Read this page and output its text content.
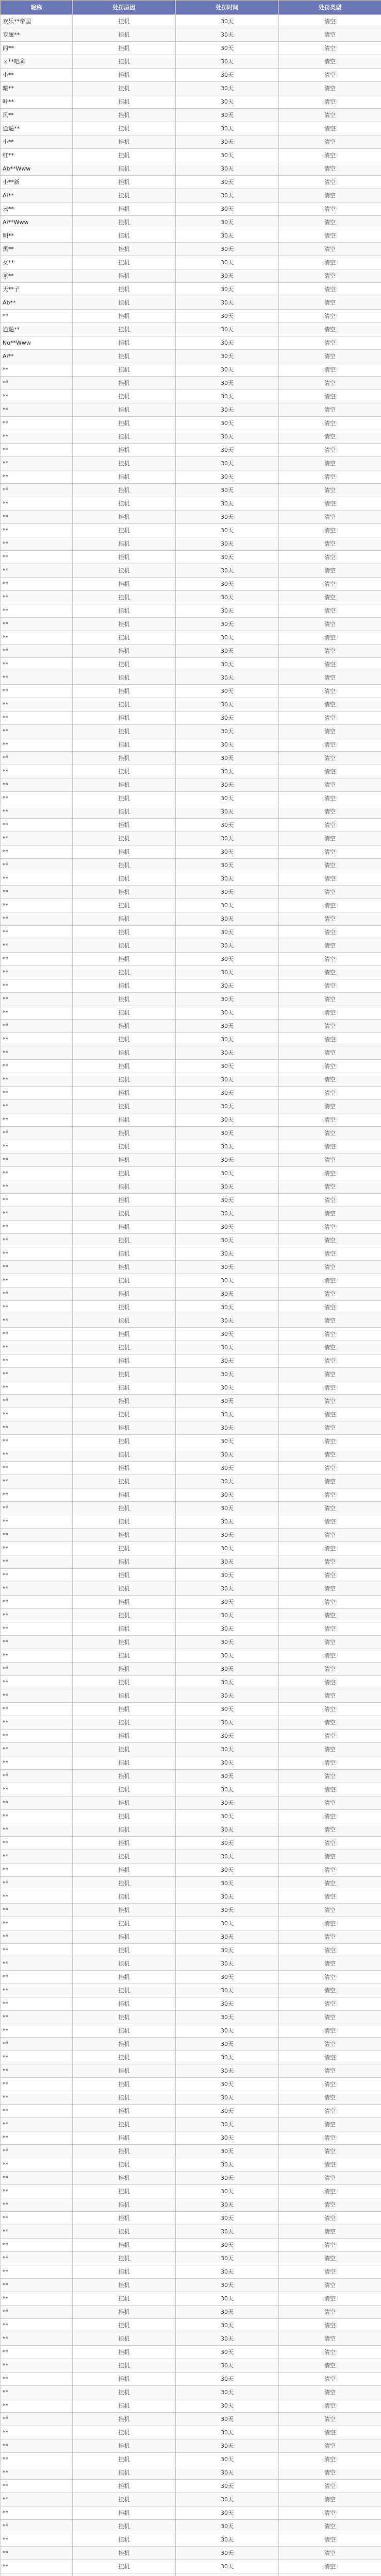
昵称	处罚原因	处罚时间	处罚类型
欢乐**帝国	挂机	30天	清空
专属**	挂机	30天	清空
的**	挂机	30天	清空
ㄨ**吧㊣	挂机	30天	清空
小**	挂机	30天	清空
暗**	挂机	30天	清空
叶**	挂机	30天	清空
风**	挂机	30天	清空
逍遥**	挂机	30天	清空
小**	挂机	30天	清空
红**	挂机	30天	清空
Ab**Www	挂机	30天	清空
小**新	挂机	30天	清空
Ai**	挂机	30天	清空
云**	挂机	30天	清空
Ai**Www	挂机	30天	清空
明**	挂机	30天	清空
黑**	挂机	30天	清空
女**	挂机	30天	清空
㊣**	挂机	30天	清空
天**子	挂机	30天	清空
Ab**	挂机	30天	清空
**	挂机	30天	清空
逍遥**	挂机	30天	清空
No**Www	挂机	30天	清空
Ai**	挂机	30天	清空
**	挂机	30天	清空
**	挂机	30天	清空
**	挂机	30天	清空
**	挂机	30天	清空
**	挂机	30天	清空
**	挂机	30天	清空
**	挂机	30天	清空
**	挂机	30天	清空
**	挂机	30天	清空
**	挂机	30天	清空
**	挂机	30天	清空
**	挂机	30天	清空
**	挂机	30天	清空
**	挂机	30天	清空
**	挂机	30天	清空
**	挂机	30天	清空
**	挂机	30天	清空
**	挂机	30天	清空
**	挂机	30天	清空
**	挂机	30天	清空
**	挂机	30天	清空
**	挂机	30天	清空
**	挂机	30天	清空
**	挂机	30天	清空
**	挂机	30天	清空
**	挂机	30天	清空
**	挂机	30天	清空
**	挂机	30天	清空
**	挂机	30天	清空
**	挂机	30天	清空
**	挂机	30天	清空
**	挂机	30天	清空
**	挂机	30天	清空
**	挂机	30天	清空
**	挂机	30天	清空
**	挂机	30天	清空
**	挂机	30天	清空
**	挂机	30天	清空
**	挂机	30天	清空
**	挂机	30天	清空
**	挂机	30天	清空
**	挂机	30天	清空
**	挂机	30天	清空
**	挂机	30天	清空
**	挂机	30天	清空
**	挂机	30天	清空
**	挂机	30天	清空
**	挂机	30天	清空
**	挂机	30天	清空
**	挂机	30天	清空
**	挂机	30天	清空
**	挂机	30天	清空
**	挂机	30天	清空
**	挂机	30天	清空
**	挂机	30天	清空
**	挂机	30天	清空
**	挂机	30天	清空
**	挂机	30天	清空
**	挂机	30天	清空
**	挂机	30天	清空
**	挂机	30天	清空
**	挂机	30天	清空
**	挂机	30天	清空
**	挂机	30天	清空
**	挂机	30天	清空
**	挂机	30天	清空
**	挂机	30天	清空
**	挂机	30天	清空
**	挂机	30天	清空
**	挂机	30天	清空
**	挂机	30天	清空
**	挂机	30天	清空
**	挂机	30天	清空
**	挂机	30天	清空
**	挂机	30天	清空
**	挂机	30天	清空
**	挂机	30天	清空
**	挂机	30天	清空
**	挂机	30天	清空
**	挂机	30天	清空
**	挂机	30天	清空
**	挂机	30天	清空
**	挂机	30天	清空
**	挂机	30天	清空
**	挂机	30天	清空
**	挂机	30天	清空
**	挂机	30天	清空
**	挂机	30天	清空
**	挂机	30天	清空
**	挂机	30天	清空
**	挂机	30天	清空
**	挂机	30天	清空
**	挂机	30天	清空
**	挂机	30天	清空
**	挂机	30天	清空
**	挂机	30天	清空
**	挂机	30天	清空
**	挂机	30天	清空
**	挂机	30天	清空
**	挂机	30天	清空
**	挂机	30天	清空
**	挂机	30天	清空
**	挂机	30天	清空
**	挂机	30天	清空
**	挂机	30天	清空
**	挂机	30天	清空
**	挂机	30天	清空
**	挂机	30天	清空
**	挂机	30天	清空
**	挂机	30天	清空
**	挂机	30天	清空
**	挂机	30天	清空
**	挂机	30天	清空
**	挂机	30天	清空
**	挂机	30天	清空
**	挂机	30天	清空
**	挂机	30天	清空
**	挂机	30天	清空
**	挂机	30天	清空
**	挂机	30天	清空
**	挂机	30天	清空
**	挂机	30天	清空
**	挂机	30天	清空
**	挂机	30天	清空
**	挂机	30天	清空
**	挂机	30天	清空
**	挂机	30天	清空
**	挂机	30天	清空
**	挂机	30天	清空
**	挂机	30天	清空
**	挂机	30天	清空
**	挂机	30天	清空
**	挂机	30天	清空
**	挂机	30天	清空
**	挂机	30天	清空
**	挂机	30天	清空
**	挂机	30天	清空
**	挂机	30天	清空
**	挂机	30天	清空
**	挂机	30天	清空
**	挂机	30天	清空
**	挂机	30天	清空
**	挂机	30天	清空
**	挂机	30天	清空
**	挂机	30天	清空
**	挂机	30天	清空
**	挂机	30天	清空
**	挂机	30天	清空
**	挂机	30天	清空
**	挂机	30天	清空
**	挂机	30天	清空
**	挂机	30天	清空
**	挂机	30天	清空
**	挂机	30天	清空
**	挂机	30天	清空
**	挂机	30天	清空
**	挂机	30天	清空
**	挂机	30天	清空
**	挂机	30天	清空
**	挂机	30天	清空
**	挂机	30天	清空
**	挂机	30天	清空
**	挂机	30天	清空
**	挂机	30天	清空
**	挂机	30天	清空
